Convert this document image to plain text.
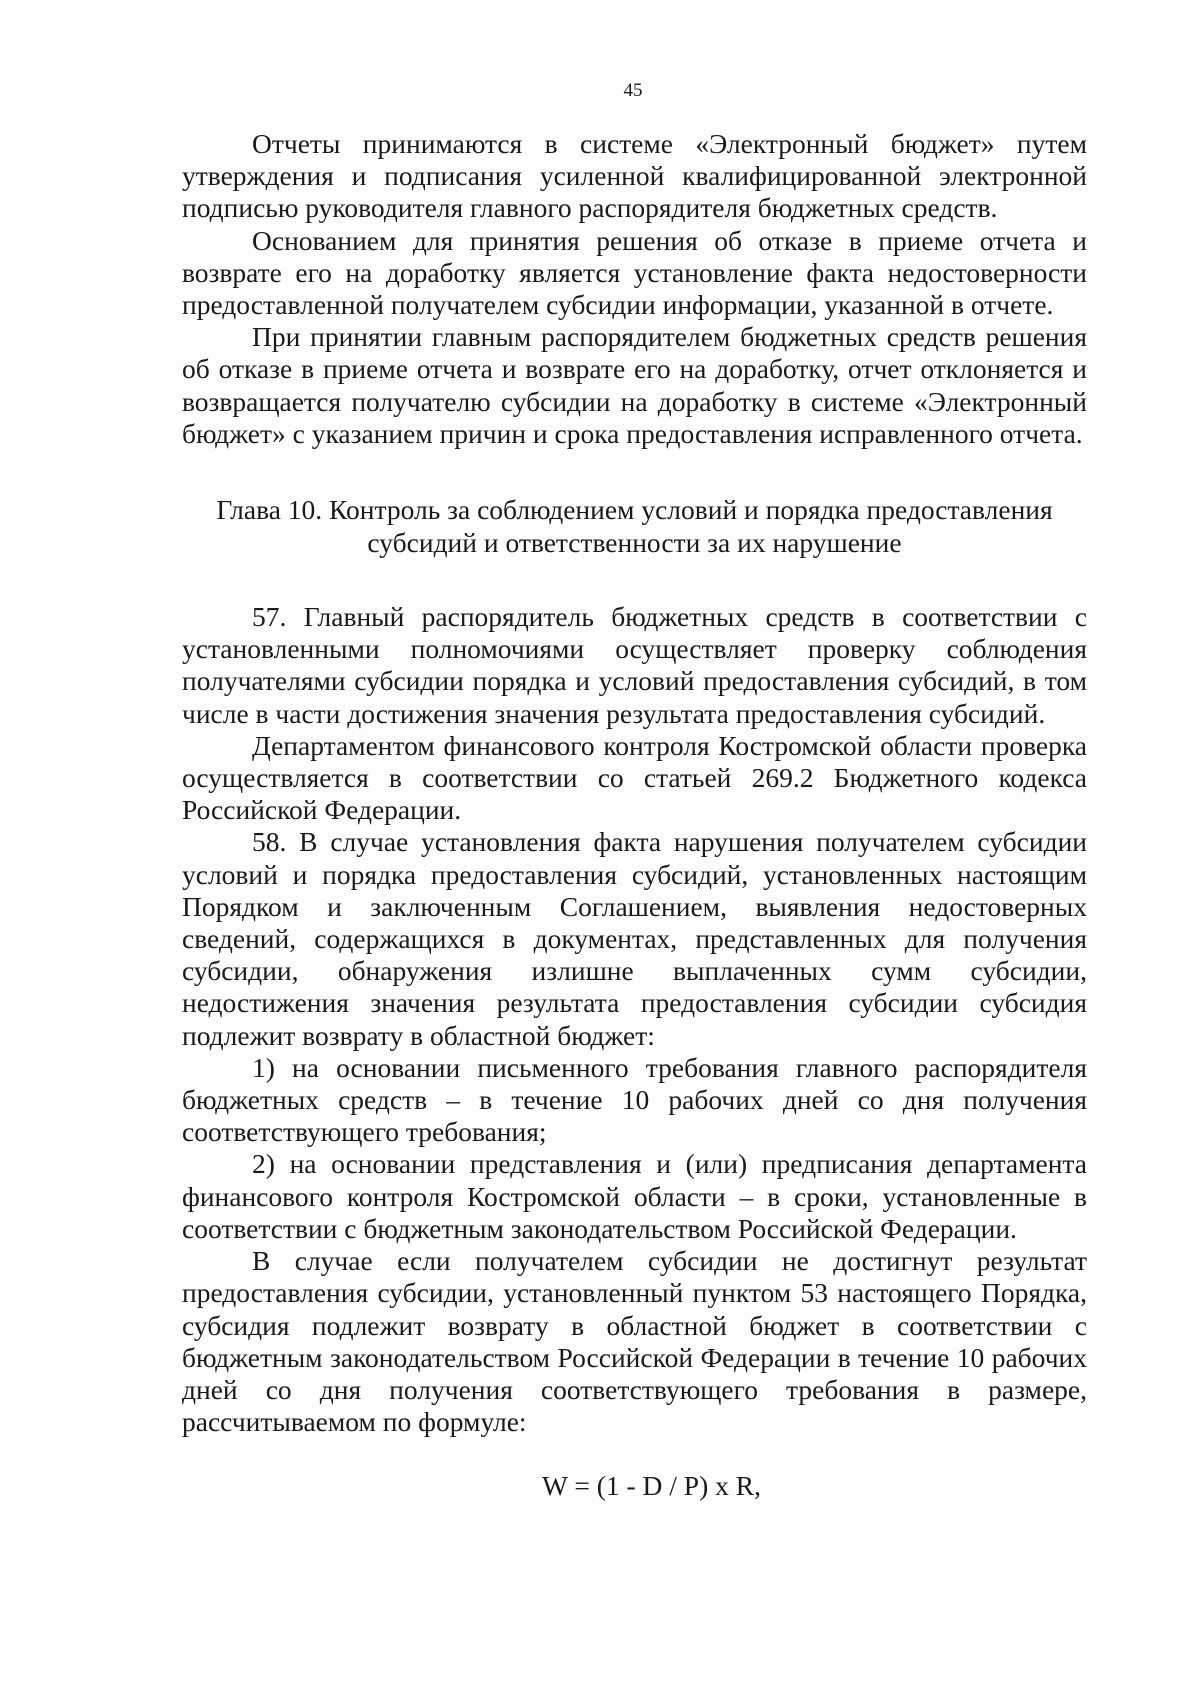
45

Отчеты принимаются в системе «Электронный бюджет» путем утверждения и подписания усиленной квалифицированной электронной подписью руководителя главного распорядителя бюджетных средств.

Основанием для принятия решения об отказе в приеме отчета и возврате его на доработку является установление факта недостоверности предоставленной получателем субсидии информации, указанной в отчете.

При принятии главным распорядителем бюджетных средств решения об отказе в приеме отчета и возврате его на доработку, отчет отклоняется и возвращается получателю субсидии на доработку в системе «Электронный бюджет» с указанием причин и срока предоставления исправленного отчета.

Глава 10. Контроль за соблюдением условий и порядка предоставления
субсидий и ответственности за их нарушение

57. Главный распорядитель бюджетных средств в соответствии с установленными полномочиями осуществляет проверку соблюдения получателями субсидии порядка и условий предоставления субсидий, в том числе в части достижения значения результата предоставления субсидий.

Департаментом финансового контроля Костромской области проверка осуществляется в соответствии со статьей 269.2 Бюджетного кодекса Российской Федерации.

58. В случае установления факта нарушения получателем субсидии условий и порядка предоставления субсидий, установленных настоящим Порядком и заключенным Соглашением, выявления недостоверных сведений, содержащихся в документах, представленных для получения субсидии, обнаружения излишне выплаченных сумм субсидии, недостижения значения результата предоставления субсидии субсидия подлежит возврату в областной бюджет:

1) на основании письменного требования главного распорядителя бюджетных средств – в течение 10 рабочих дней со дня получения соответствующего требования;

2) на основании представления и (или) предписания департамента финансового контроля Костромской области – в сроки, установленные в соответствии с бюджетным законодательством Российской Федерации.

В случае если получателем субсидии не достигнут результат предоставления субсидии, установленный пунктом 53 настоящего Порядка, субсидия подлежит возврату в областной бюджет в соответствии с бюджетным законодательством Российской Федерации в течение 10 рабочих дней со дня получения соответствующего требования в размере, рассчитываемом по формуле:

W = (1 - D / P) x R,
